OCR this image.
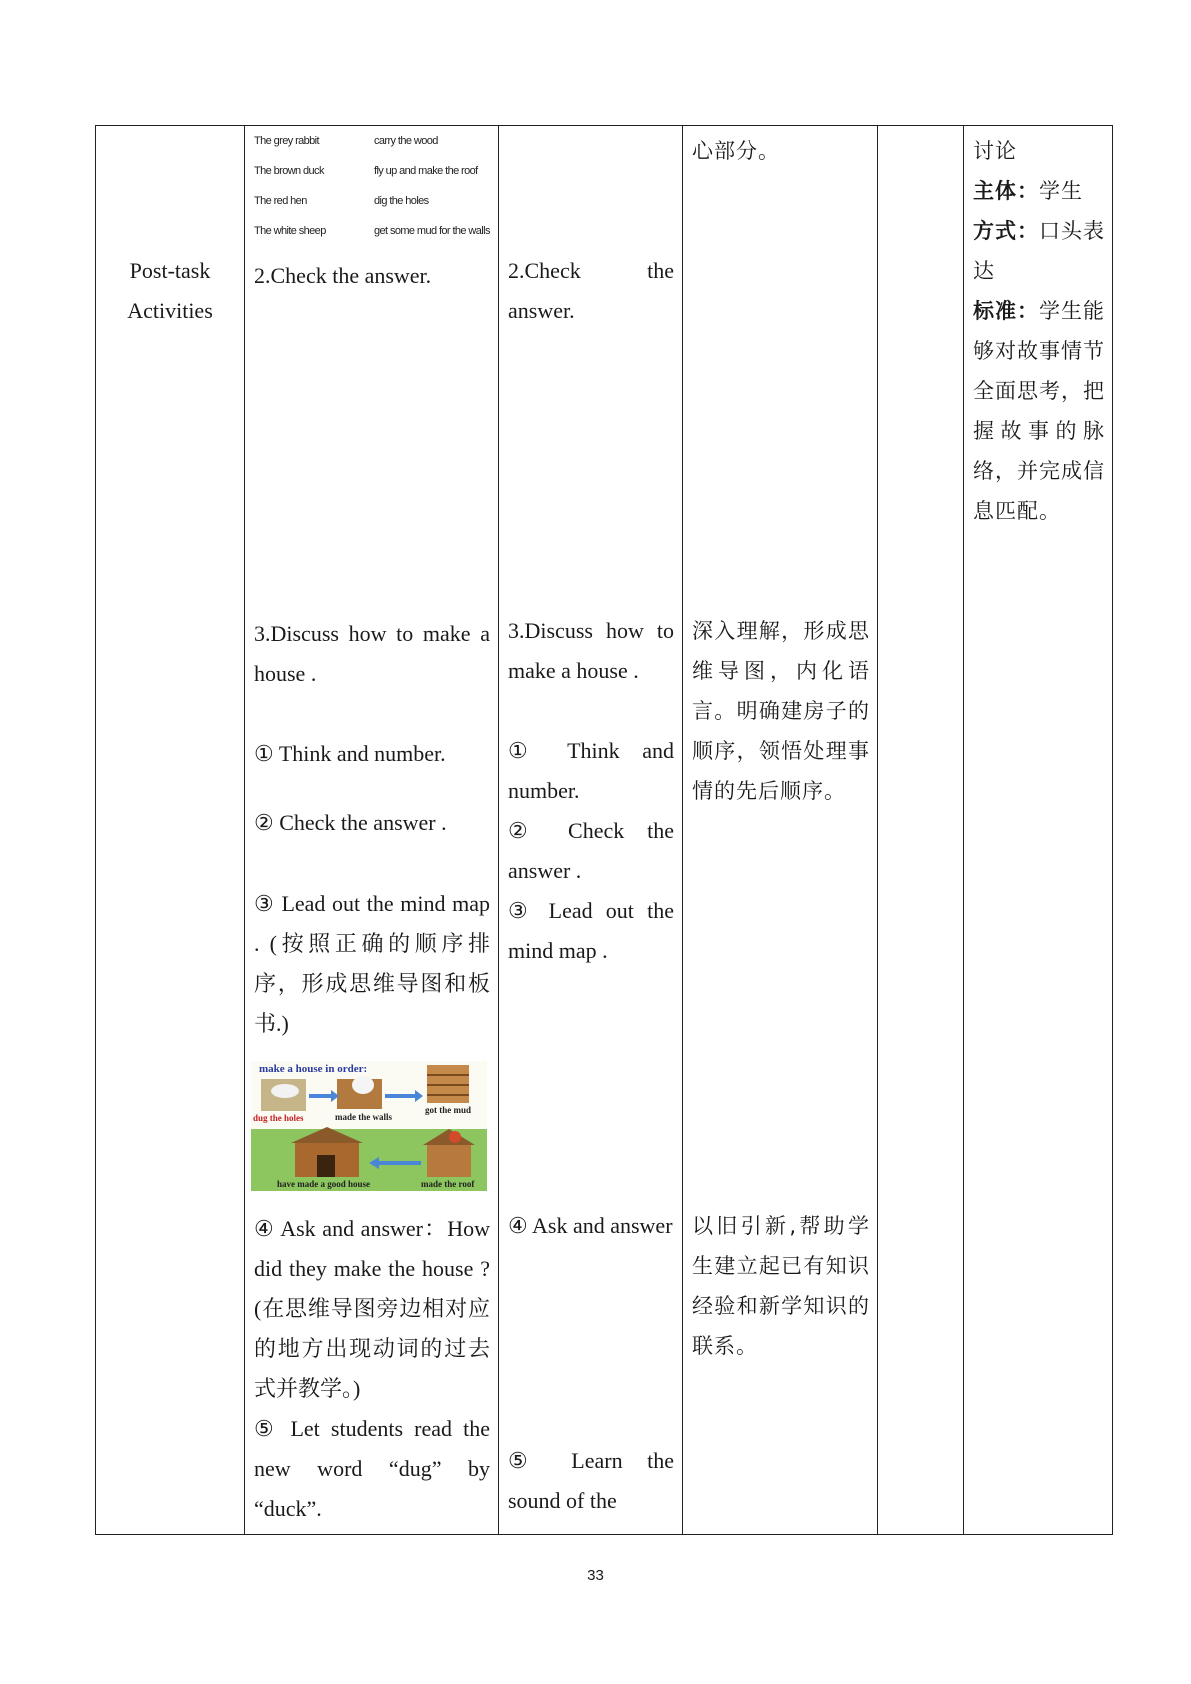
Post-task
Activities
The grey rabbit
The brown duck
The red hen
The white sheep
carry the wood
fly up and make the roof
dig the holes
get some mud for the walls
2.Check the answer.
3.Discuss how to make a house .
① Think and number.
② Check the answer .
③ Lead out the mind map . (按照正确的顺序排序，形成思维导图和板书.)
make a house in order:
dug the holes	made the walls
got the mud
made the roof
have made a good house
④ Ask and answer：How did they make the house ?(在思维导图旁边相对应的地方出现动词的过去式并教学。)
⑤ Let students read the new word “dug” by “duck”.
2.Check the answer.
3.Discuss how to make a house .
① Think and number.
② Check the answer .
③ Lead out the mind map .
④ Ask and answer
⑤ Learn the sound of the
心部分。
深入理解，形成思维导图，内化语言。明确建房子的顺序，领悟处理事情的先后顺序。
以旧引新,帮助学生建立起已有知识经验和新学知识的联系。
讨论
主体：学生
方式：口头表达
标准：学生能够对故事情节全面思考，把握故事的脉络，并完成信息匹配。
33
